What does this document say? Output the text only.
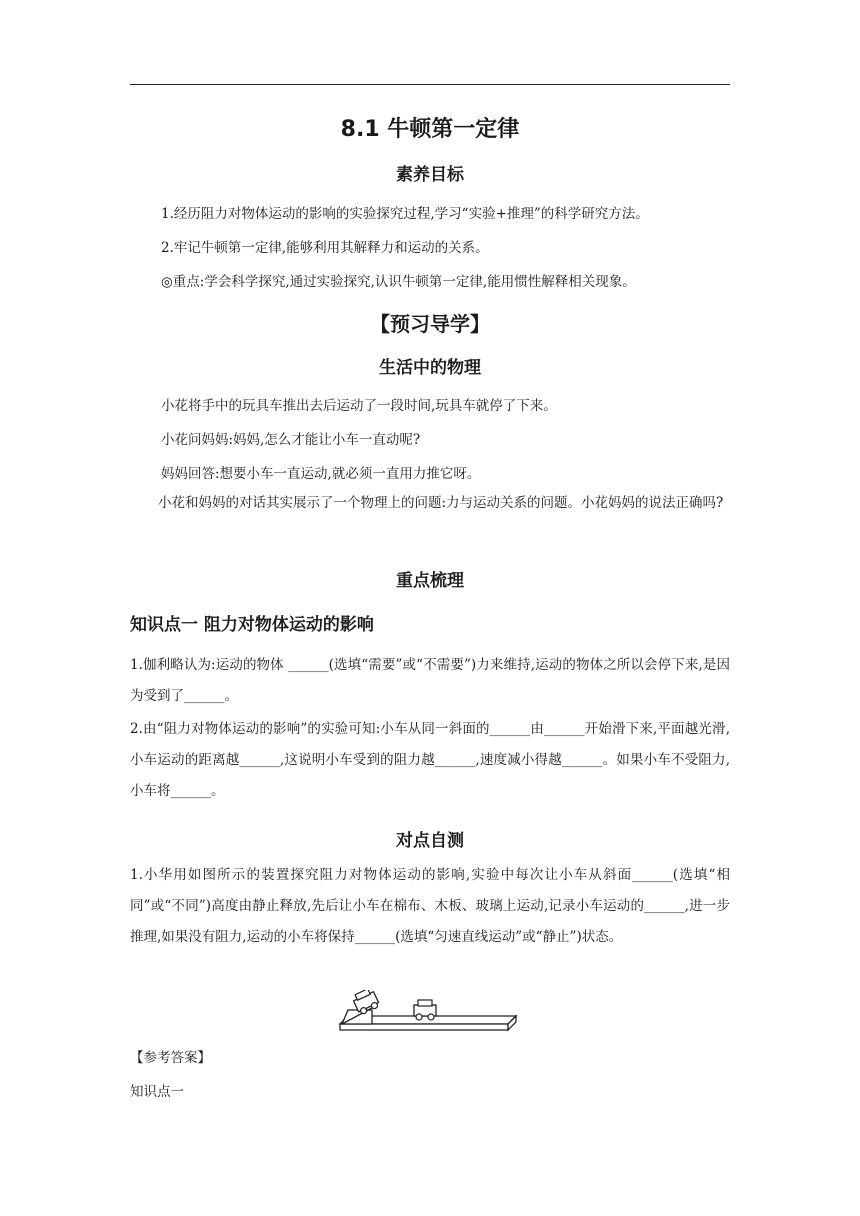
8.1 牛顿第一定律
素养目标
1.经历阻力对物体运动的影响的实验探究过程,学习“实验+推理”的科学研究方法。
2.牢记牛顿第一定律,能够利用其解释力和运动的关系。
◎重点:学会科学探究,通过实验探究,认识牛顿第一定律,能用惯性解释相关现象。
【预习导学】
生活中的物理
小花将手中的玩具车推出去后运动了一段时间,玩具车就停了下来。
小花问妈妈:妈妈,怎么才能让小车一直动呢?
妈妈回答:想要小车一直运动,就必须一直用力推它呀。
小花和妈妈的对话其实展示了一个物理上的问题:力与运动关系的问题。小花妈妈的说法正确吗?
重点梳理
知识点一 阻力对物体运动的影响
1.伽利略认为:运动的物体 ______(选填“需要”或“不需要”)力来维持,运动的物体之所以会停下来,是因为受到了______。
2.由“阻力对物体运动的影响”的实验可知:小车从同一斜面的______由______开始滑下来,平面越光滑,小车运动的距离越______,这说明小车受到的阻力越______,速度减小得越______。如果小车不受阻力,小车将______。
对点自测
1.小华用如图所示的装置探究阻力对物体运动的影响,实验中每次让小车从斜面______(选填“相同”或“不同”)高度由静止释放,先后让小车在棉布、木板、玻璃上运动,记录小车运动的______,进一步推理,如果没有阻力,运动的小车将保持______(选填“匀速直线运动”或“静止”)状态。
【参考答案】
知识点一
